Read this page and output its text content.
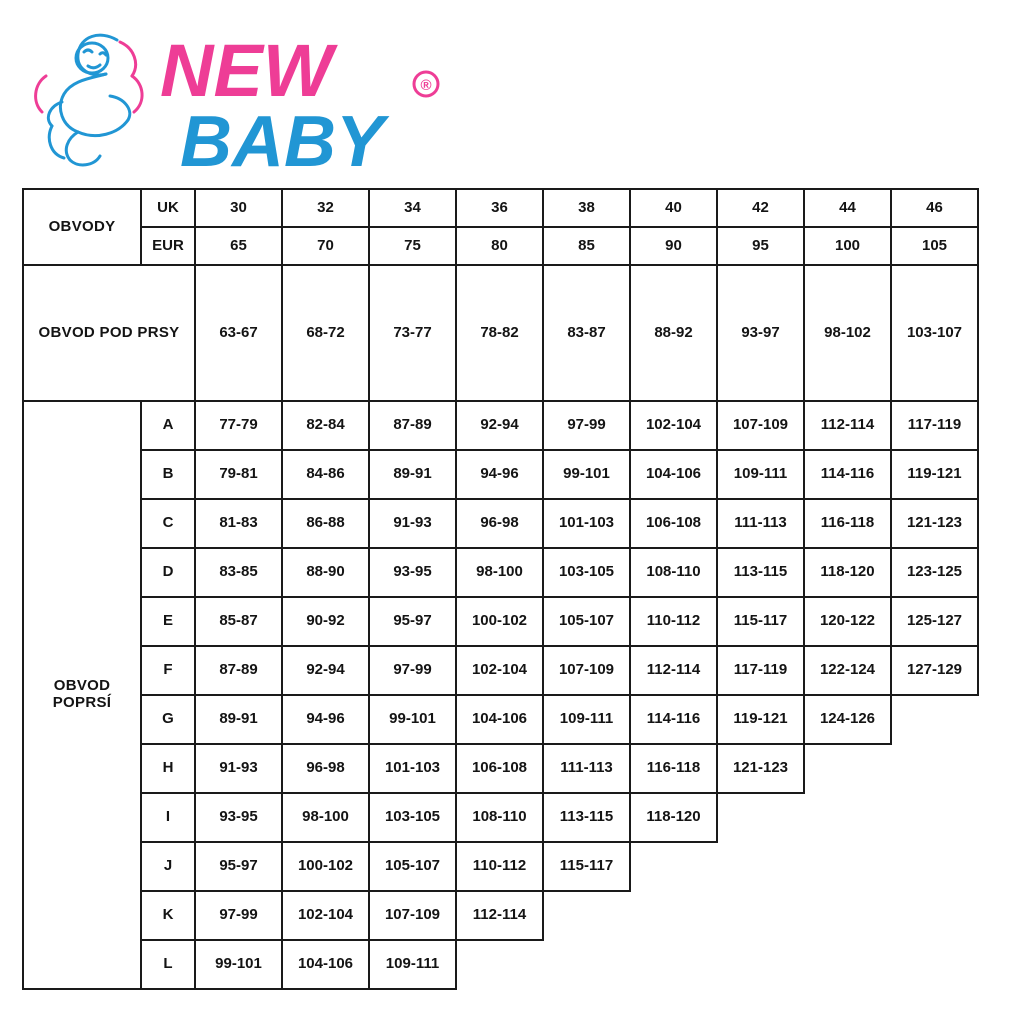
NEW	®
BABY
OBVODY	UK	30	32	34	36	38	40	42	44	46
	EUR	65	70	75	80	85	90	95	100	105
OBVOD POD PRSY		63-67	68-72	73-77	78-82	83-87	88-92	93-97	98-102	103-107
OBVOD POPRSÍ	A	77-79	82-84	87-89	92-94	97-99	102-104	107-109	112-114	117-119
	B	79-81	84-86	89-91	94-96	99-101	104-106	109-111	114-116	119-121
	C	81-83	86-88	91-93	96-98	101-103	106-108	111-113	116-118	121-123
	D	83-85	88-90	93-95	98-100	103-105	108-110	113-115	118-120	123-125
	E	85-87	90-92	95-97	100-102	105-107	110-112	115-117	120-122	125-127
	F	87-89	92-94	97-99	102-104	107-109	112-114	117-119	122-124	127-129
	G	89-91	94-96	99-101	104-106	109-111	114-116	119-121	124-126	
	H	91-93	96-98	101-103	106-108	111-113	116-118	121-123		
	I	93-95	98-100	103-105	108-110	113-115	118-120			
	J	95-97	100-102	105-107	110-112	115-117				
	K	97-99	102-104	107-109	112-114					
	L	99-101	104-106	109-111						
